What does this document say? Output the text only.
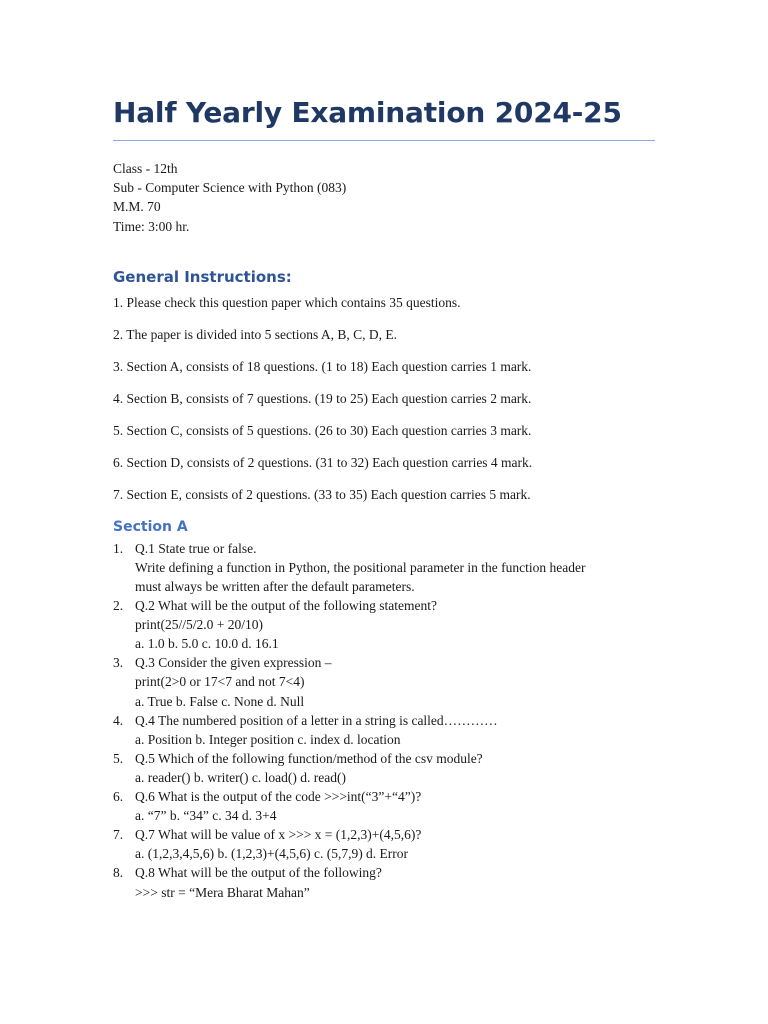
Half Yearly Examination 2024-25
Class - 12th
Sub - Computer Science with Python (083)
M.M. 70
Time: 3:00 hr.
General Instructions:
1. Please check this question paper which contains 35 questions.
2. The paper is divided into 5 sections A, B, C, D, E.
3. Section A, consists of 18 questions. (1 to 18) Each question carries 1 mark.
4. Section B, consists of 7 questions. (19 to 25) Each question carries 2 mark.
5. Section C, consists of 5 questions. (26 to 30) Each question carries 3 mark.
6. Section D, consists of 2 questions. (31 to 32) Each question carries 4 mark.
7. Section E, consists of 2 questions. (33 to 35) Each question carries 5 mark.
Section A
1. Q.1 State true or false.
Write defining a function in Python, the positional parameter in the function header
must always be written after the default parameters.
2. Q.2 What will be the output of the following statement?
print(25//5/2.0 + 20/10)
a. 1.0 b. 5.0 c. 10.0 d. 16.1
3. Q.3 Consider the given expression –
print(2>0 or 17<7 and not 7<4)
a. True b. False c. None d. Null
4. Q.4 The numbered position of a letter in a string is called…………
a. Position b. Integer position c. index d. location
5. Q.5 Which of the following function/method of the csv module?
a. reader() b. writer() c. load() d. read()
6. Q.6 What is the output of the code >>>int(“3”+“4”)?
a. “7” b. “34” c. 34 d. 3+4
7. Q.7 What will be value of x >>> x = (1,2,3)+(4,5,6)?
a. (1,2,3,4,5,6) b. (1,2,3)+(4,5,6) c. (5,7,9) d. Error
8. Q.8 What will be the output of the following?
>>> str = “Mera Bharat Mahan”
